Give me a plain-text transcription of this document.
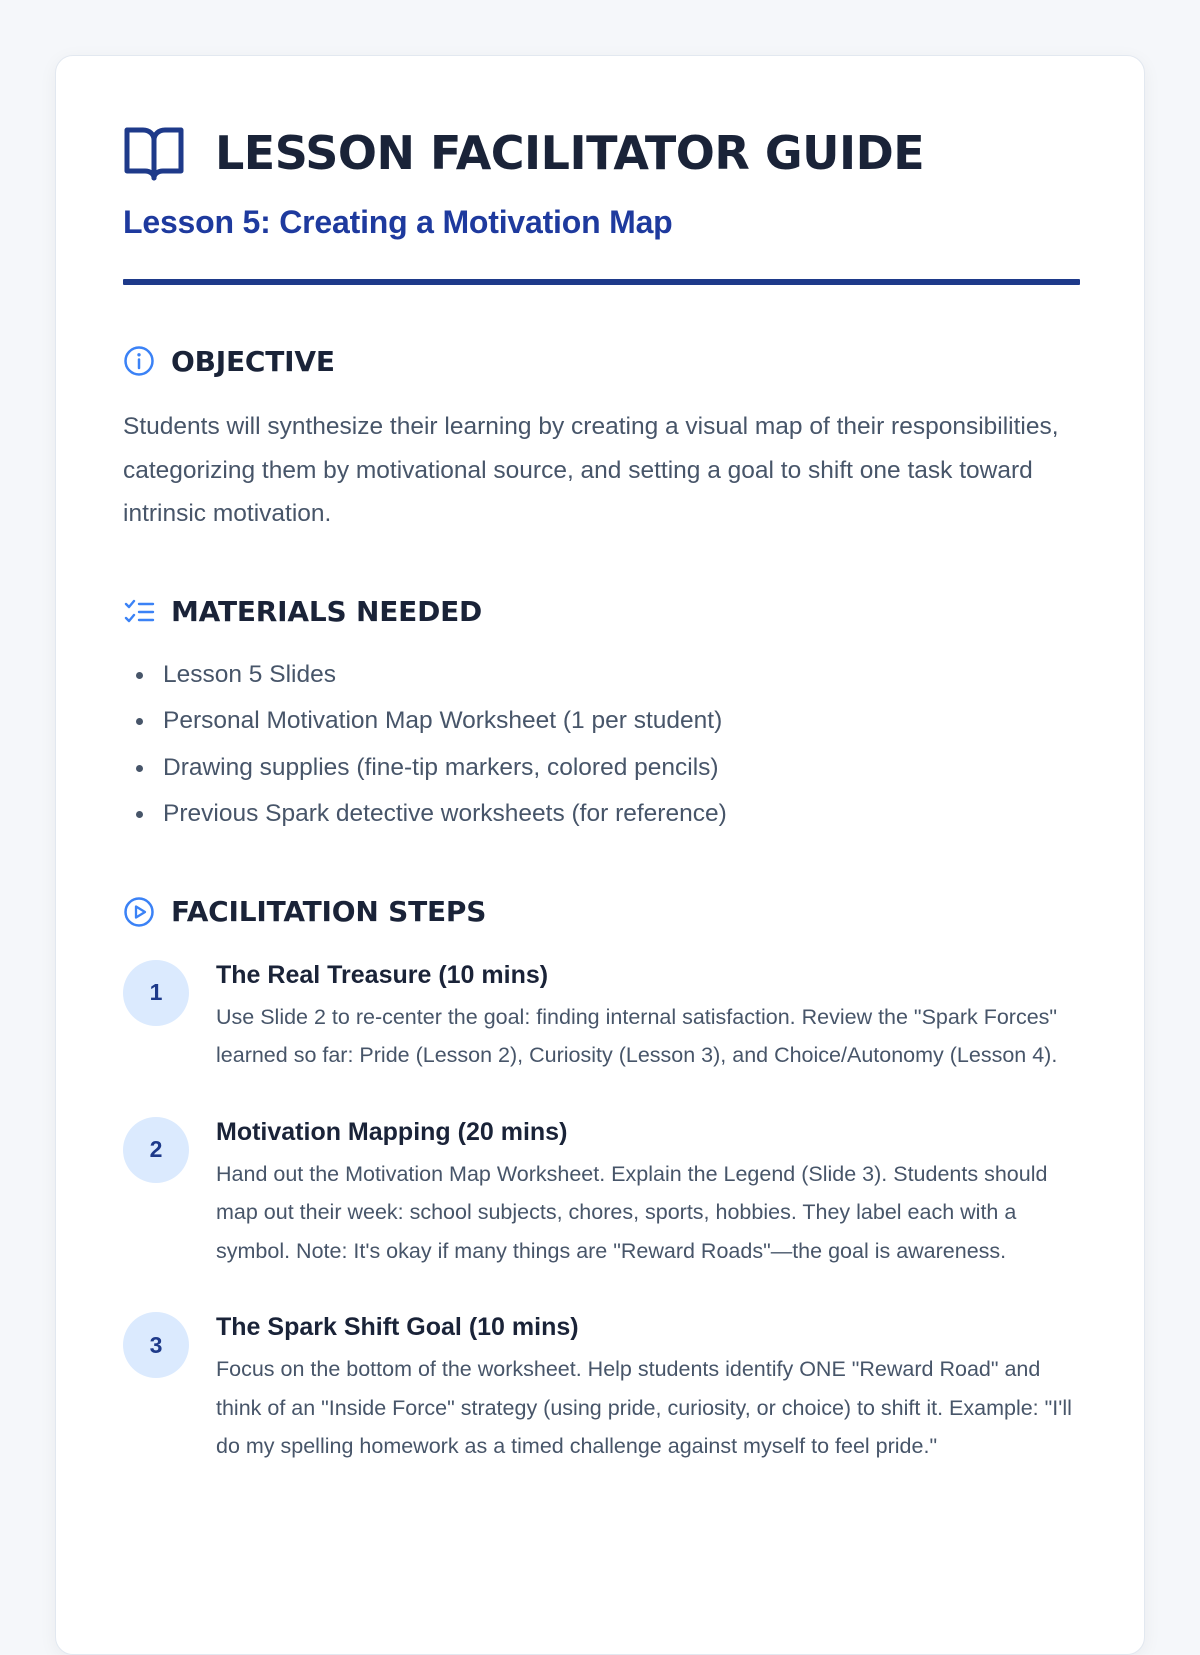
LESSON FACILITATOR GUIDE
Lesson 5: Creating a Motivation Map
OBJECTIVE

Students will synthesize their learning by creating a visual map of their responsibilities, categorizing them by motivational source, and setting a goal to shift one task toward intrinsic motivation.

MATERIALS NEEDED
Lesson 5 Slides
Personal Motivation Map Worksheet (1 per student)
Drawing supplies (fine-tip markers, colored pencils)
Previous Spark detective worksheets (for reference)
FACILITATION STEPS
1
The Real Treasure (10 mins)

Use Slide 2 to re-center the goal: finding internal satisfaction. Review the "Spark Forces" learned so far: Pride (Lesson 2), Curiosity (Lesson 3), and Choice/Autonomy (Lesson 4).

2
Motivation Mapping (20 mins)

Hand out the Motivation Map Worksheet. Explain the Legend (Slide 3). Students should map out their week: school subjects, chores, sports, hobbies. They label each with a symbol. Note: It's okay if many things are "Reward Roads"—the goal is awareness.

3
The Spark Shift Goal (10 mins)

Focus on the bottom of the worksheet. Help students identify ONE "Reward Road" and think of an "Inside Force" strategy (using pride, curiosity, or choice) to shift it. Example: "I'll do my spelling homework as a timed challenge against myself to feel pride."
